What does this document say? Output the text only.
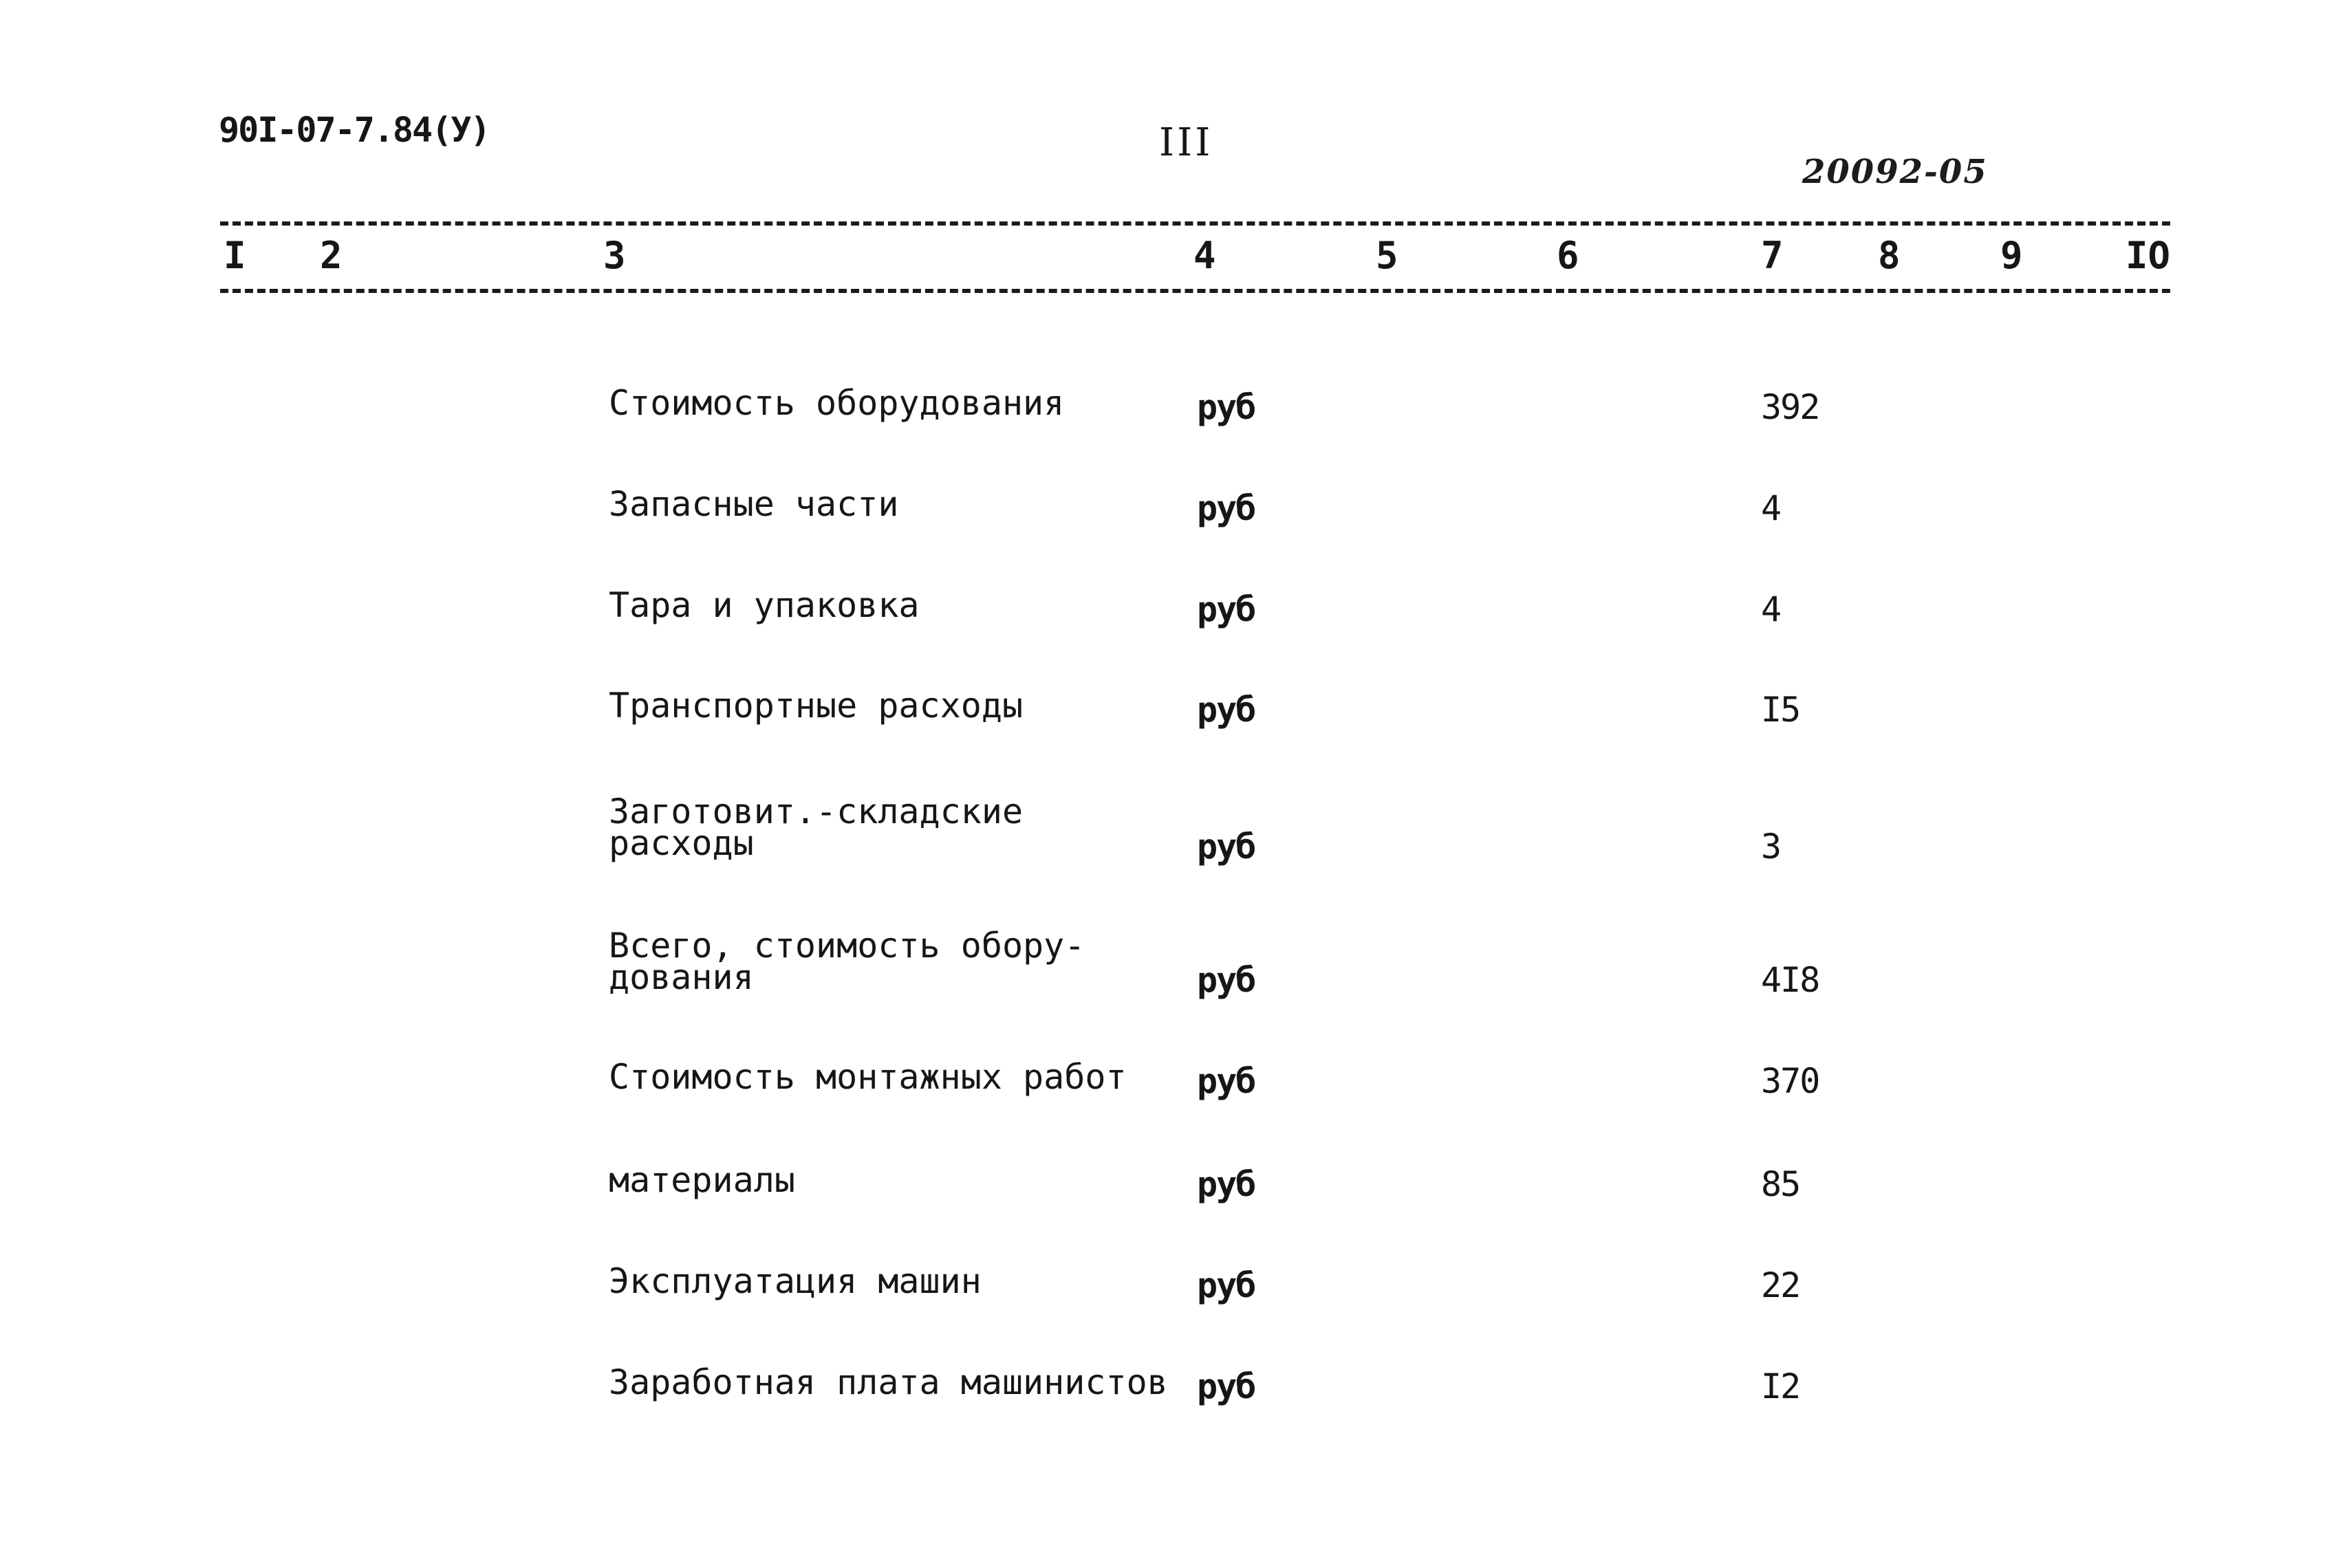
90I-07-7.84(У)	III
20092-05
I 2	3	4	5	6	7	8	9	IO
Стоимость оборудования	руб	392
Запасные части	руб	4
Тара и упаковка	руб	4
Транспортные расходы	руб	I5
Заготовит.-складские
расходы	руб	3
Всего, стоимость обору-
дования	руб	4I8
Стоимость монтажных работ	руб	370
материалы	руб	85
Эксплуатация машин	руб	22
Заработная плата машинистов руб	I2
